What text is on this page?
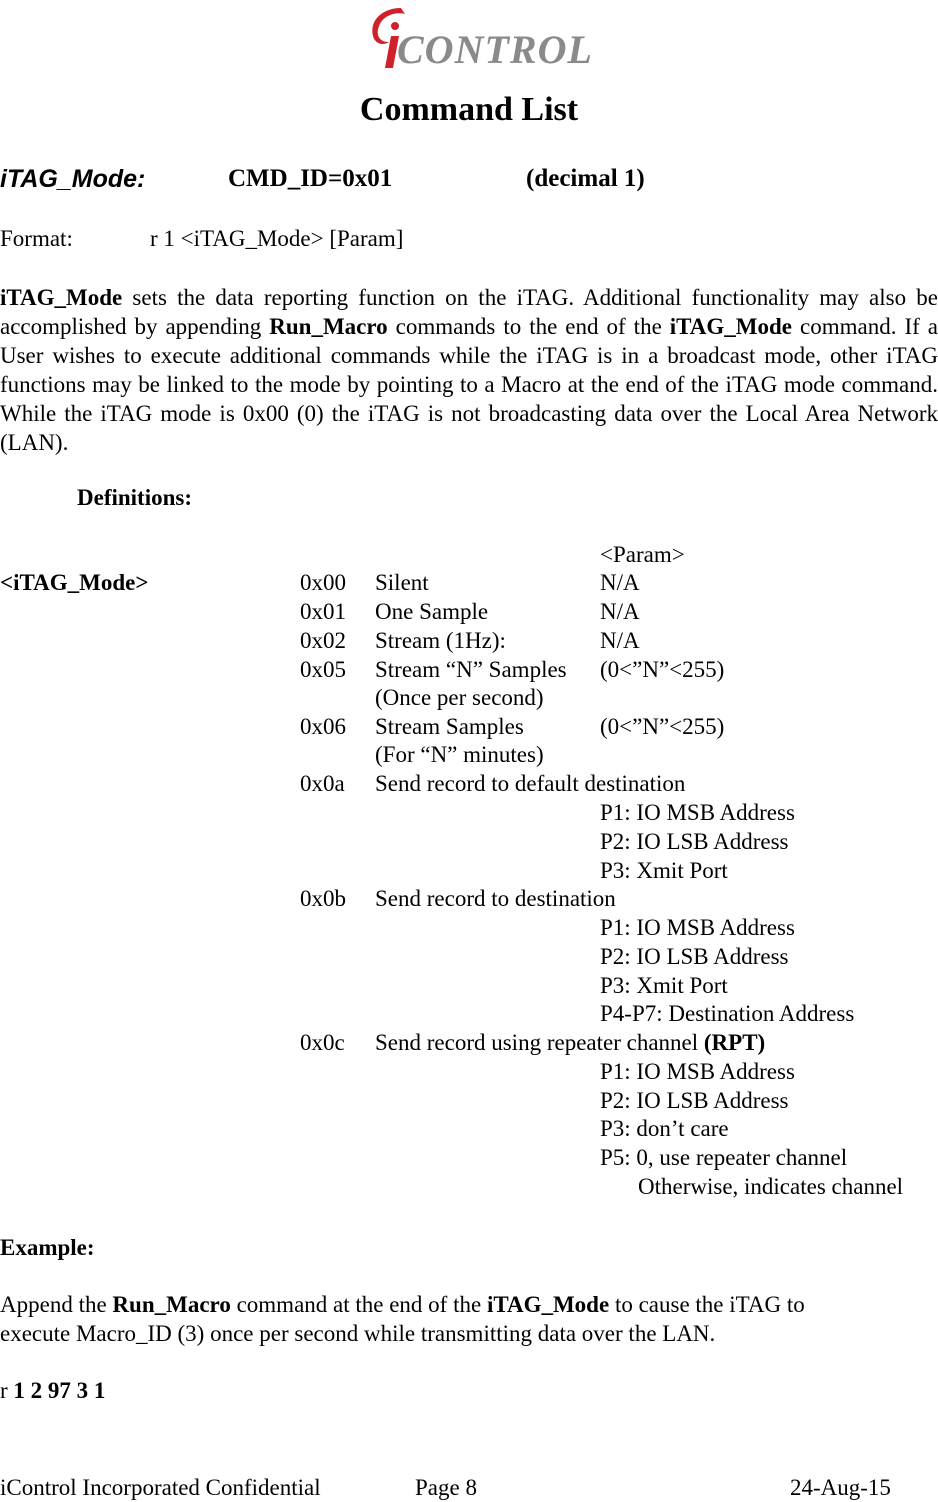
CONTROL
Command List
iTAG_Mode:	CMD_ID=0x01	(decimal 1)
Format:	r 1 <iTAG_Mode> [Param]
iTAG_Mode sets the data reporting function on the iTAG. Additional functionality may also be accomplished by appending Run_Macro commands to the end of the iTAG_Mode command. If a User wishes to execute additional commands while the iTAG is in a broadcast mode, other iTAG functions may be linked to the mode by pointing to a Macro at the end of the iTAG mode command. While the iTAG mode is 0x00 (0) the iTAG is not broadcasting data over the Local Area Network (LAN).
Definitions:
<Param>
<iTAG_Mode>	0x00 Silent	N/A
0x01 One Sample	N/A
0x02 Stream (1Hz):	N/A
0x05 Stream “N” Samples (0<”N”<255)
(Once per second)
0x06 Stream Samples	(0<”N”<255)
(For “N” minutes)
0x0a Send record to default destination
P1: IO MSB Address
P2: IO LSB Address
P3: Xmit Port
0x0b Send record to destination
P1: IO MSB Address
P2: IO LSB Address
P3: Xmit Port
P4-P7: Destination Address
0x0c Send record using repeater channel (RPT)
P1: IO MSB Address
P2: IO LSB Address
P3: don’t care
P5: 0, use repeater channel
Otherwise, indicates channel
Example:
Append the Run_Macro command at the end of the iTAG_Mode to cause the iTAG to
execute Macro_ID (3) once per second while transmitting data over the LAN.
r 1 2 97 3 1
iControl Incorporated Confidential	Page 8	24-Aug-15
